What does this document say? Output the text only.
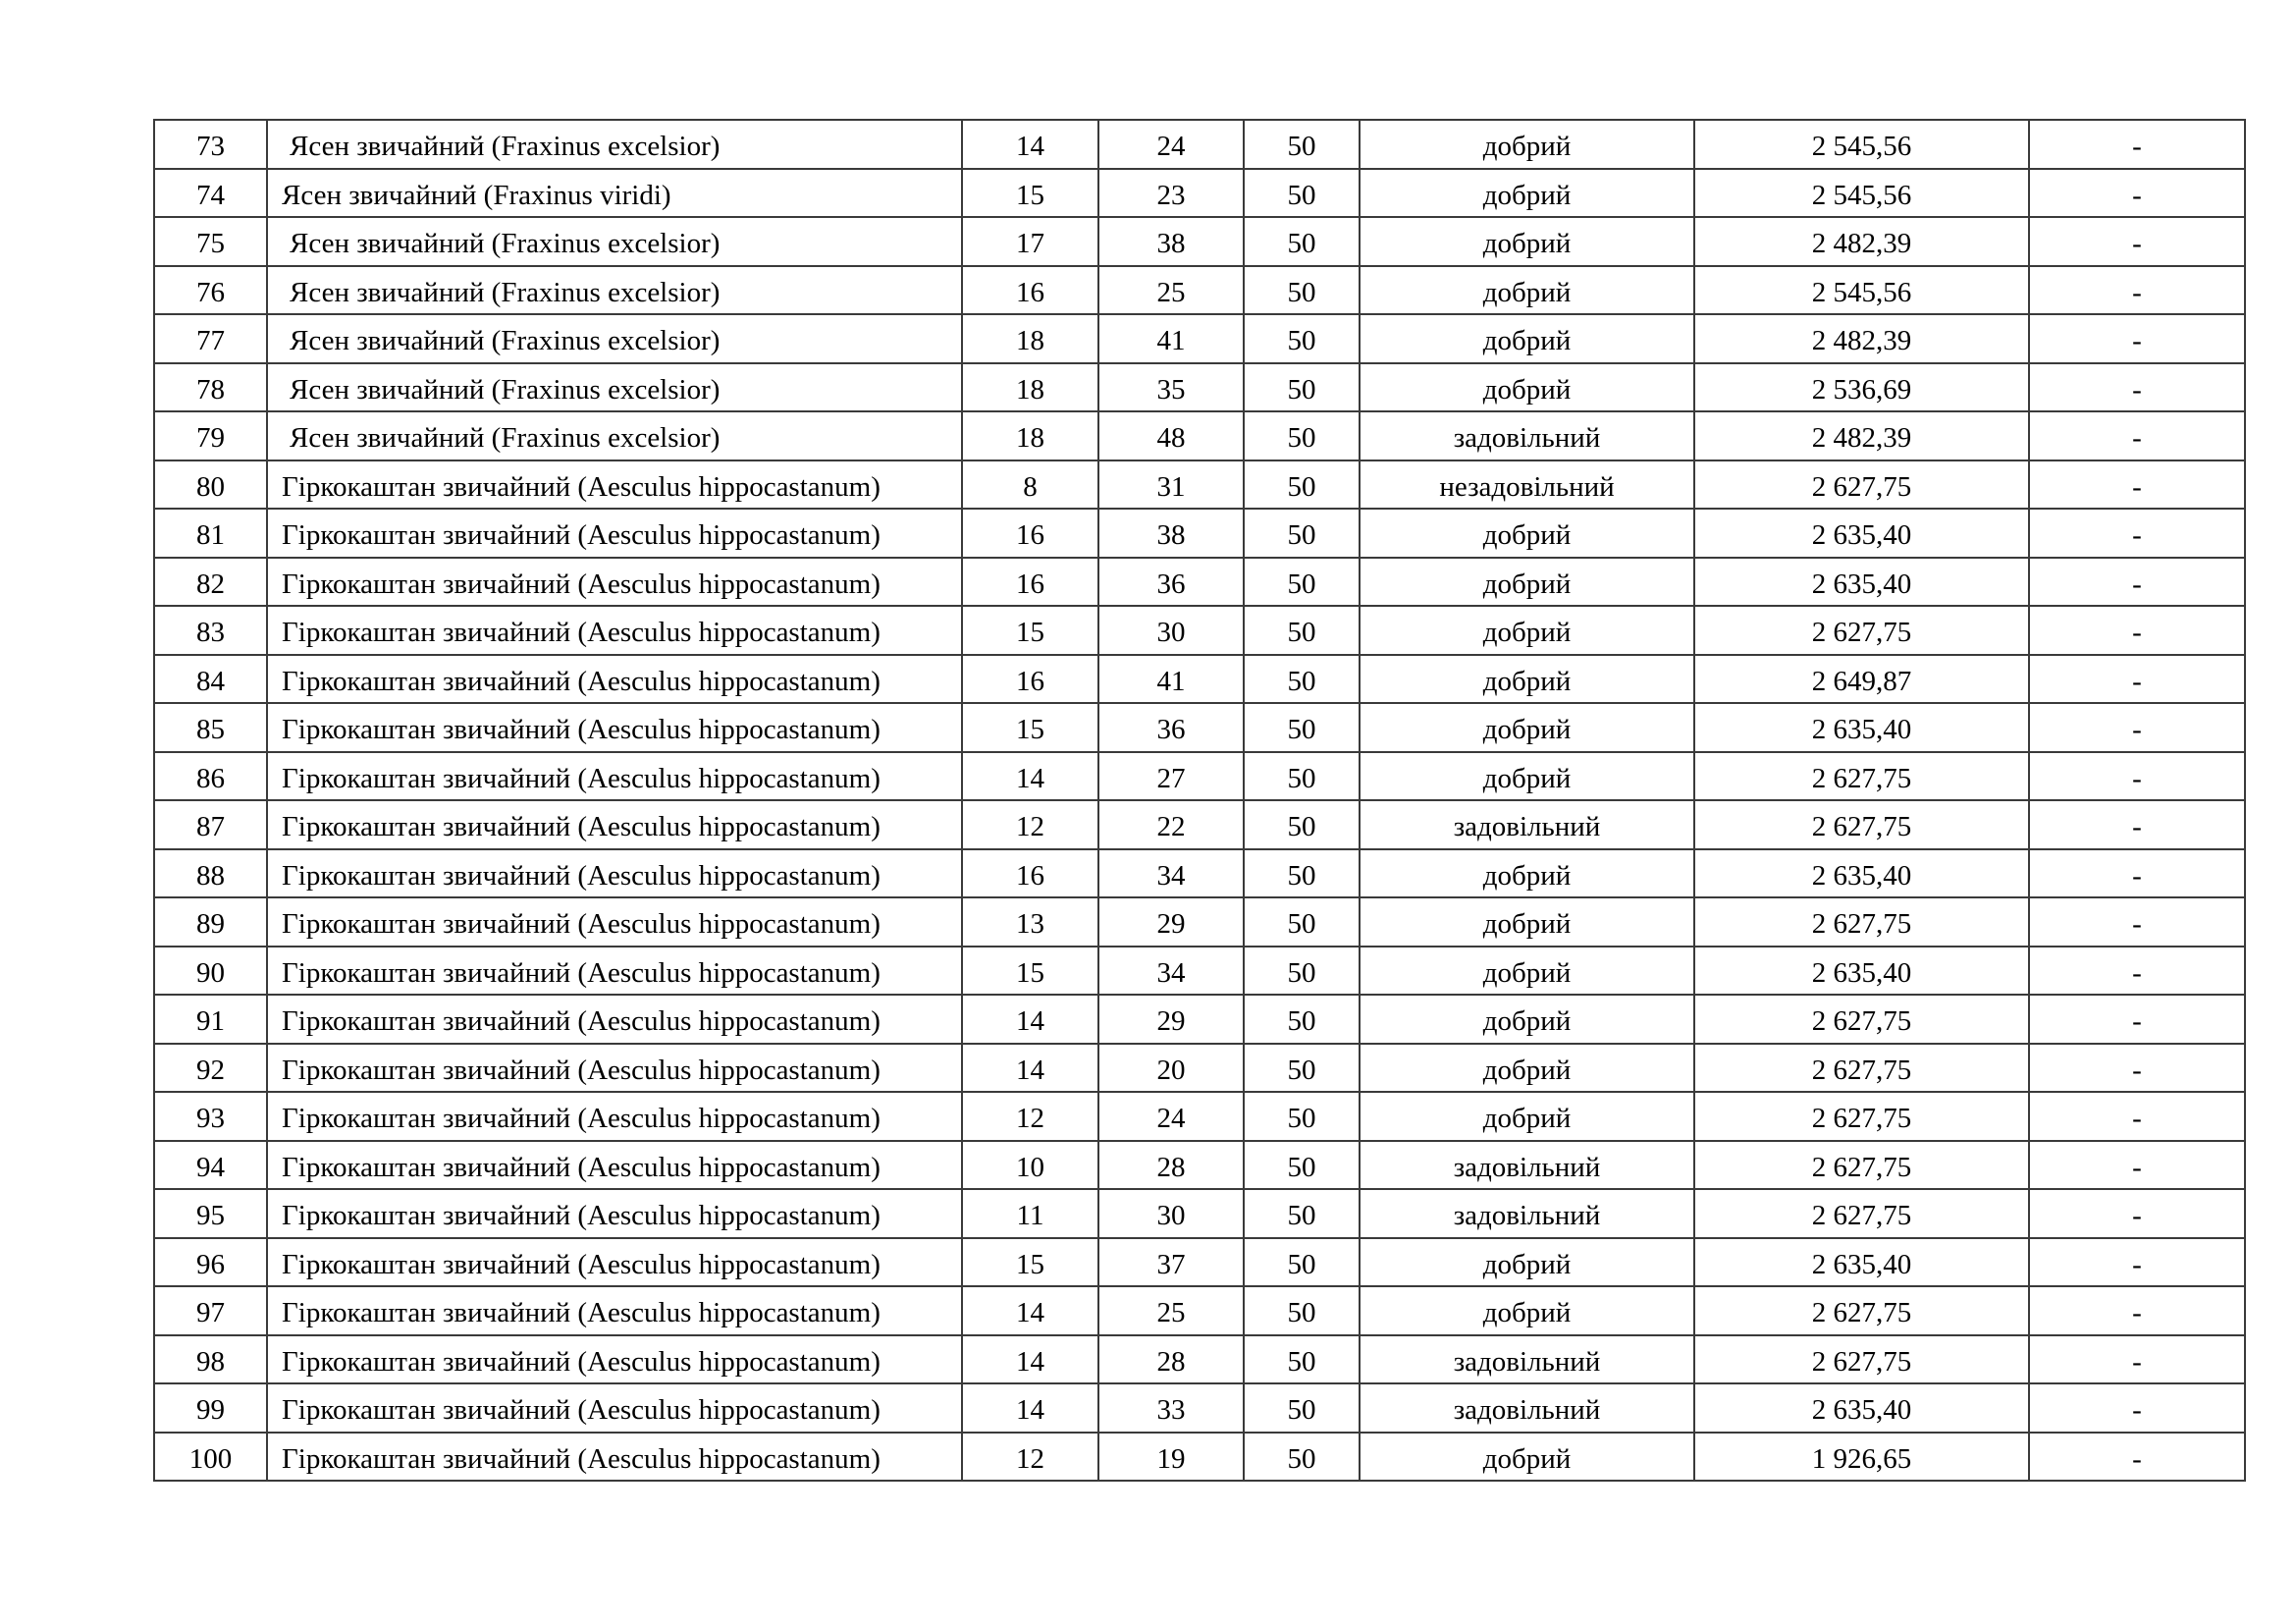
73	Ясен звичайний (Fraxinus excelsior)	14	24	50	добрий	2 545,56	-
74	Ясен звичайний (Fraxinus viridi)	15	23	50	добрий	2 545,56	-
75	Ясен звичайний (Fraxinus excelsior)	17	38	50	добрий	2 482,39	-
76	Ясен звичайний (Fraxinus excelsior)	16	25	50	добрий	2 545,56	-
77	Ясен звичайний (Fraxinus excelsior)	18	41	50	добрий	2 482,39	-
78	Ясен звичайний (Fraxinus excelsior)	18	35	50	добрий	2 536,69	-
79	Ясен звичайний (Fraxinus excelsior)	18	48	50	задовільний	2 482,39	-
80	Гіркокаштан звичайний (Aesculus hippocastanum)	8	31	50	незадовільний	2 627,75	-
81	Гіркокаштан звичайний (Aesculus hippocastanum)	16	38	50	добрий	2 635,40	-
82	Гіркокаштан звичайний (Aesculus hippocastanum)	16	36	50	добрий	2 635,40	-
83	Гіркокаштан звичайний (Aesculus hippocastanum)	15	30	50	добрий	2 627,75	-
84	Гіркокаштан звичайний (Aesculus hippocastanum)	16	41	50	добрий	2 649,87	-
85	Гіркокаштан звичайний (Aesculus hippocastanum)	15	36	50	добрий	2 635,40	-
86	Гіркокаштан звичайний (Aesculus hippocastanum)	14	27	50	добрий	2 627,75	-
87	Гіркокаштан звичайний (Aesculus hippocastanum)	12	22	50	задовільний	2 627,75	-
88	Гіркокаштан звичайний (Aesculus hippocastanum)	16	34	50	добрий	2 635,40	-
89	Гіркокаштан звичайний (Aesculus hippocastanum)	13	29	50	добрий	2 627,75	-
90	Гіркокаштан звичайний (Aesculus hippocastanum)	15	34	50	добрий	2 635,40	-
91	Гіркокаштан звичайний (Aesculus hippocastanum)	14	29	50	добрий	2 627,75	-
92	Гіркокаштан звичайний (Aesculus hippocastanum)	14	20	50	добрий	2 627,75	-
93	Гіркокаштан звичайний (Aesculus hippocastanum)	12	24	50	добрий	2 627,75	-
94	Гіркокаштан звичайний (Aesculus hippocastanum)	10	28	50	задовільний	2 627,75	-
95	Гіркокаштан звичайний (Aesculus hippocastanum)	11	30	50	задовільний	2 627,75	-
96	Гіркокаштан звичайний (Aesculus hippocastanum)	15	37	50	добрий	2 635,40	-
97	Гіркокаштан звичайний (Aesculus hippocastanum)	14	25	50	добрий	2 627,75	-
98	Гіркокаштан звичайний (Aesculus hippocastanum)	14	28	50	задовільний	2 627,75	-
99	Гіркокаштан звичайний (Aesculus hippocastanum)	14	33	50	задовільний	2 635,40	-
100	Гіркокаштан звичайний (Aesculus hippocastanum)	12	19	50	добрий	1 926,65	-
